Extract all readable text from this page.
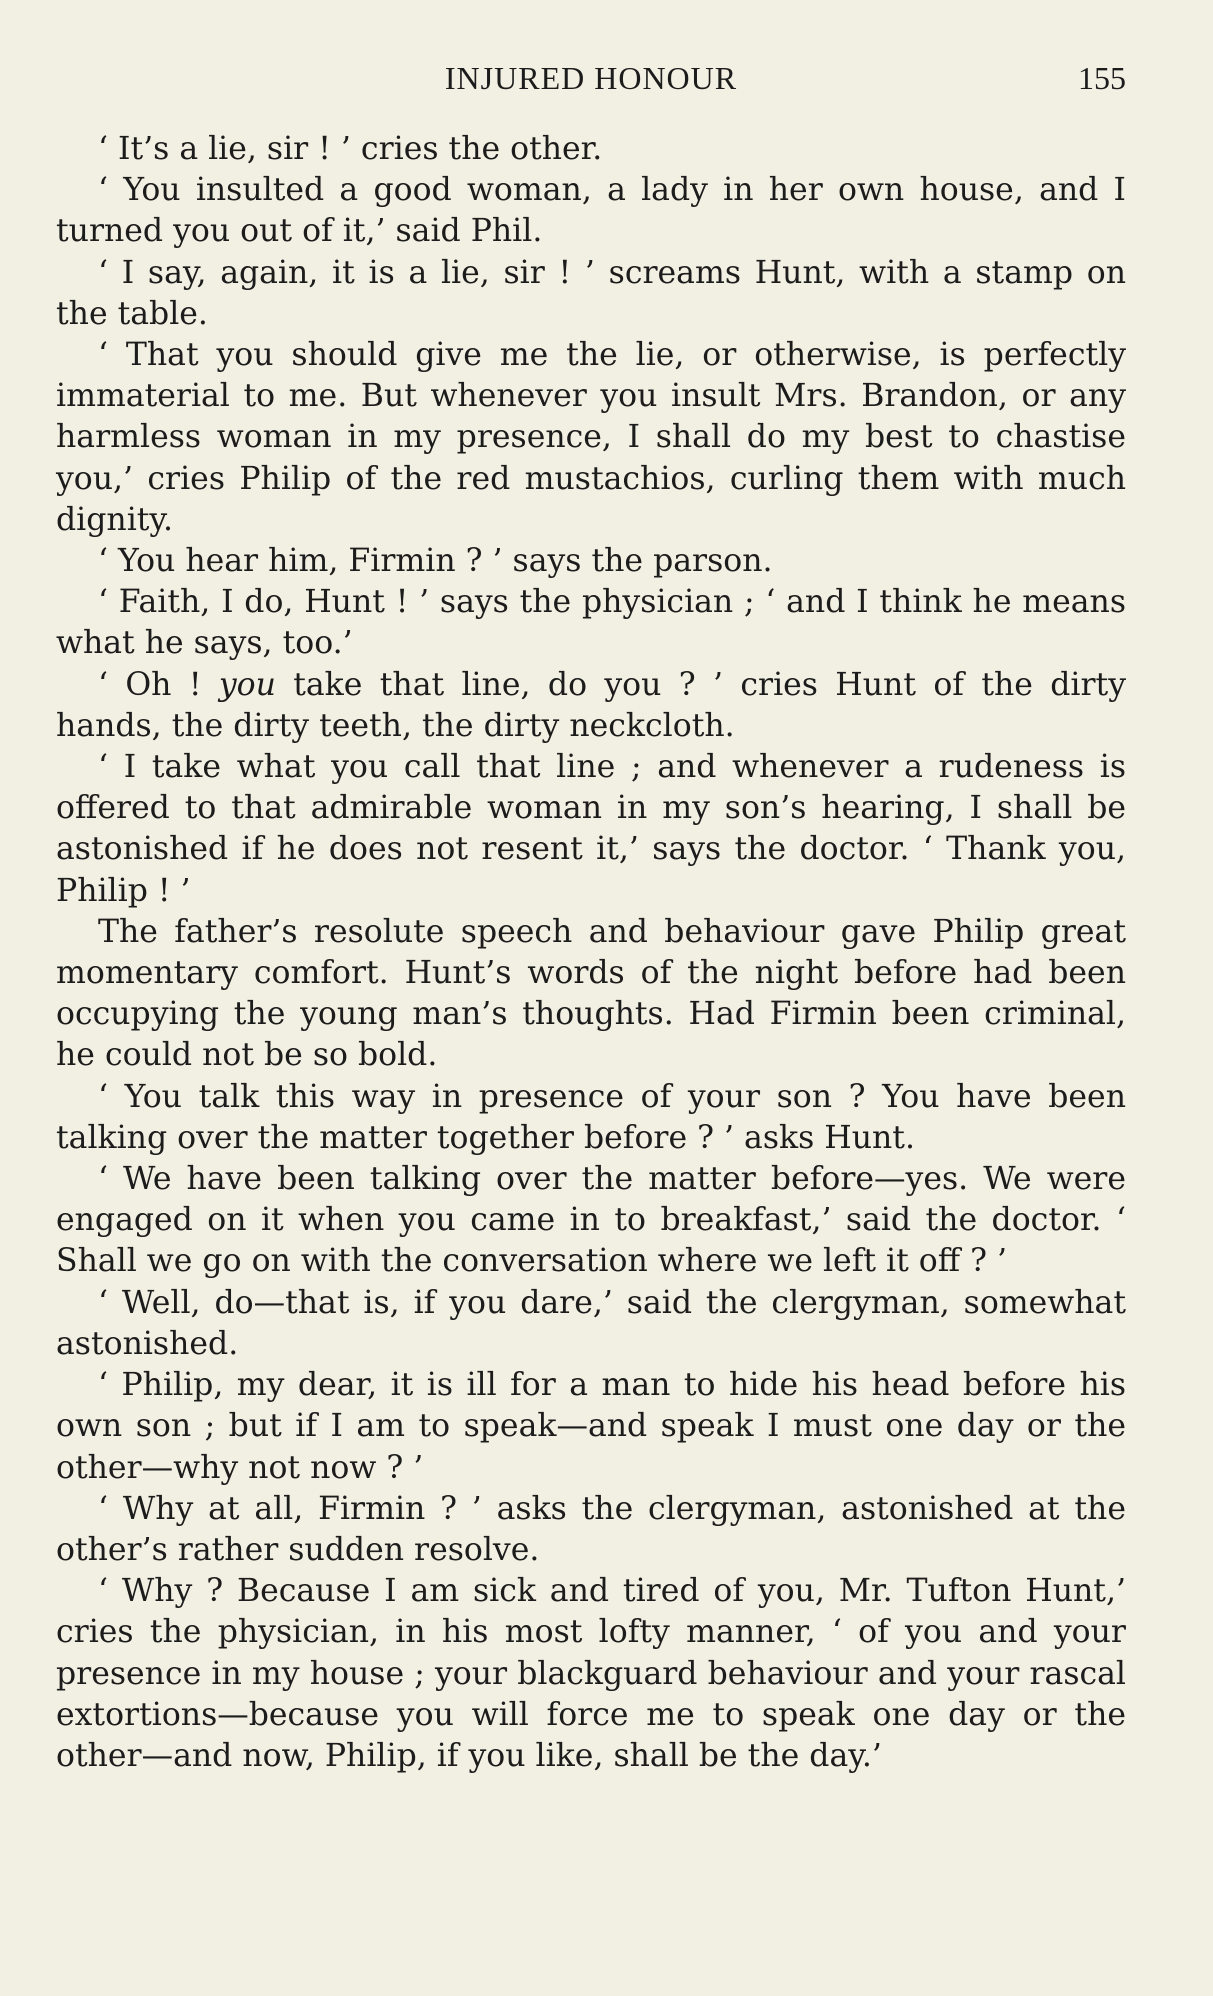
INJURED HONOUR	155

‘ It’s a lie, sir ! ’ cries the other.

‘ You insulted a good woman, a lady in her own house, and I turned you out of it,’ said Phil.

‘ I say, again, it is a lie, sir ! ’ screams Hunt, with a stamp on the table.

‘ That you should give me the lie, or otherwise, is perfectly immaterial to me. But whenever you insult Mrs. Brandon, or any harmless woman in my presence, I shall do my best to chastise you,’ cries Philip of the red mustachios, curling them with much dignity.

‘ You hear him, Firmin ? ’ says the parson.

‘ Faith, I do, Hunt ! ’ says the physician ; ‘ and I think he means what he says, too.’

‘ Oh ! you take that line, do you ? ’ cries Hunt of the dirty hands, the dirty teeth, the dirty neckcloth.

‘ I take what you call that line ; and whenever a rudeness is offered to that admirable woman in my son’s hearing, I shall be astonished if he does not resent it,’ says the doctor. ‘ Thank you, Philip ! ’

The father’s resolute speech and behaviour gave Philip great momentary comfort. Hunt’s words of the night before had been occupying the young man’s thoughts. Had Firmin been criminal, he could not be so bold.

‘ You talk this way in presence of your son ? You have been talking over the matter together before ? ’ asks Hunt.

‘ We have been talking over the matter before—yes. We were engaged on it when you came in to breakfast,’ said the doctor. ‘ Shall we go on with the conversation where we left it off ? ’

‘ Well, do—that is, if you dare,’ said the clergyman, somewhat astonished.

‘ Philip, my dear, it is ill for a man to hide his head before his own son ; but if I am to speak—and speak I must one day or the other—why not now ? ’

‘ Why at all, Firmin ? ’ asks the clergyman, astonished at the other’s rather sudden resolve.

‘ Why ? Because I am sick and tired of you, Mr. Tufton Hunt,’ cries the physician, in his most lofty manner, ‘ of you and your presence in my house ; your blackguard behaviour and your rascal extortions—because you will force me to speak one day or the other—and now, Philip, if you like, shall be the day.’
